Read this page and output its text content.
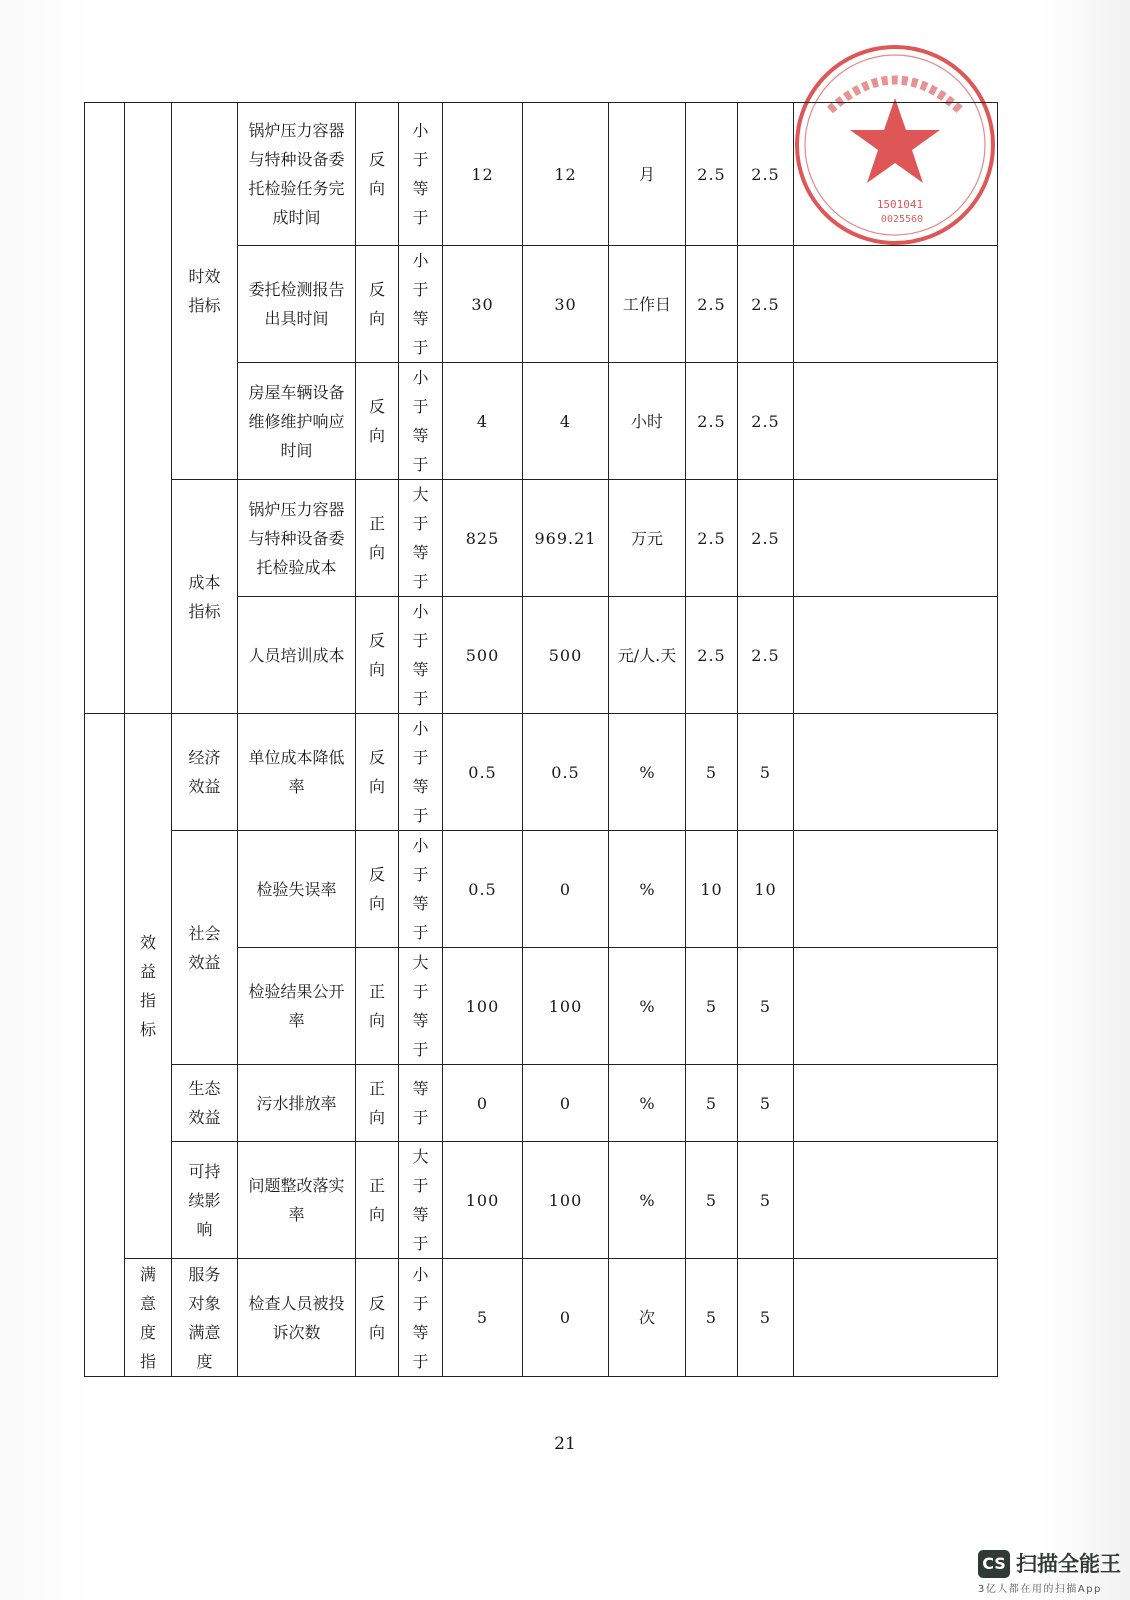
1501041
0025560
		时效指标	锅炉压力容器与特种设备委托检验任务完成时间	反向	小于等于	12	12	月	2.5	2.5	
			委托检测报告出具时间	反向	小于等于	30	30	工作日	2.5	2.5	
			房屋车辆设备维修维护响应时间	反向	小于等于	4	4	小时	2.5	2.5	
		成本指标	锅炉压力容器与特种设备委托检验成本	正向	大于等于	825	969.21	万元	2.5	2.5	
			人员培训成本	反向	小于等于	500	500	元/人.天	2.5	2.5	
	效益指标	经济效益	单位成本降低率	反向	小于等于	0.5	0.5	%	5	5	
		社会效益	检验失误率	反向	小于等于	0.5	0	%	10	10	
			检验结果公开率	正向	大于等于	100	100	%	5	5	
		生态效益	污水排放率	正向	等于	0	0	%	5	5	
		可持续影响	问题整改落实率	正向	大于等于	100	100	%	5	5	
	满意度指	服务对象满意度	检查人员被投诉次数	反向	小于等于	5	0	次	5	5	
21
CS 扫描全能王
3亿人都在用的扫描App
